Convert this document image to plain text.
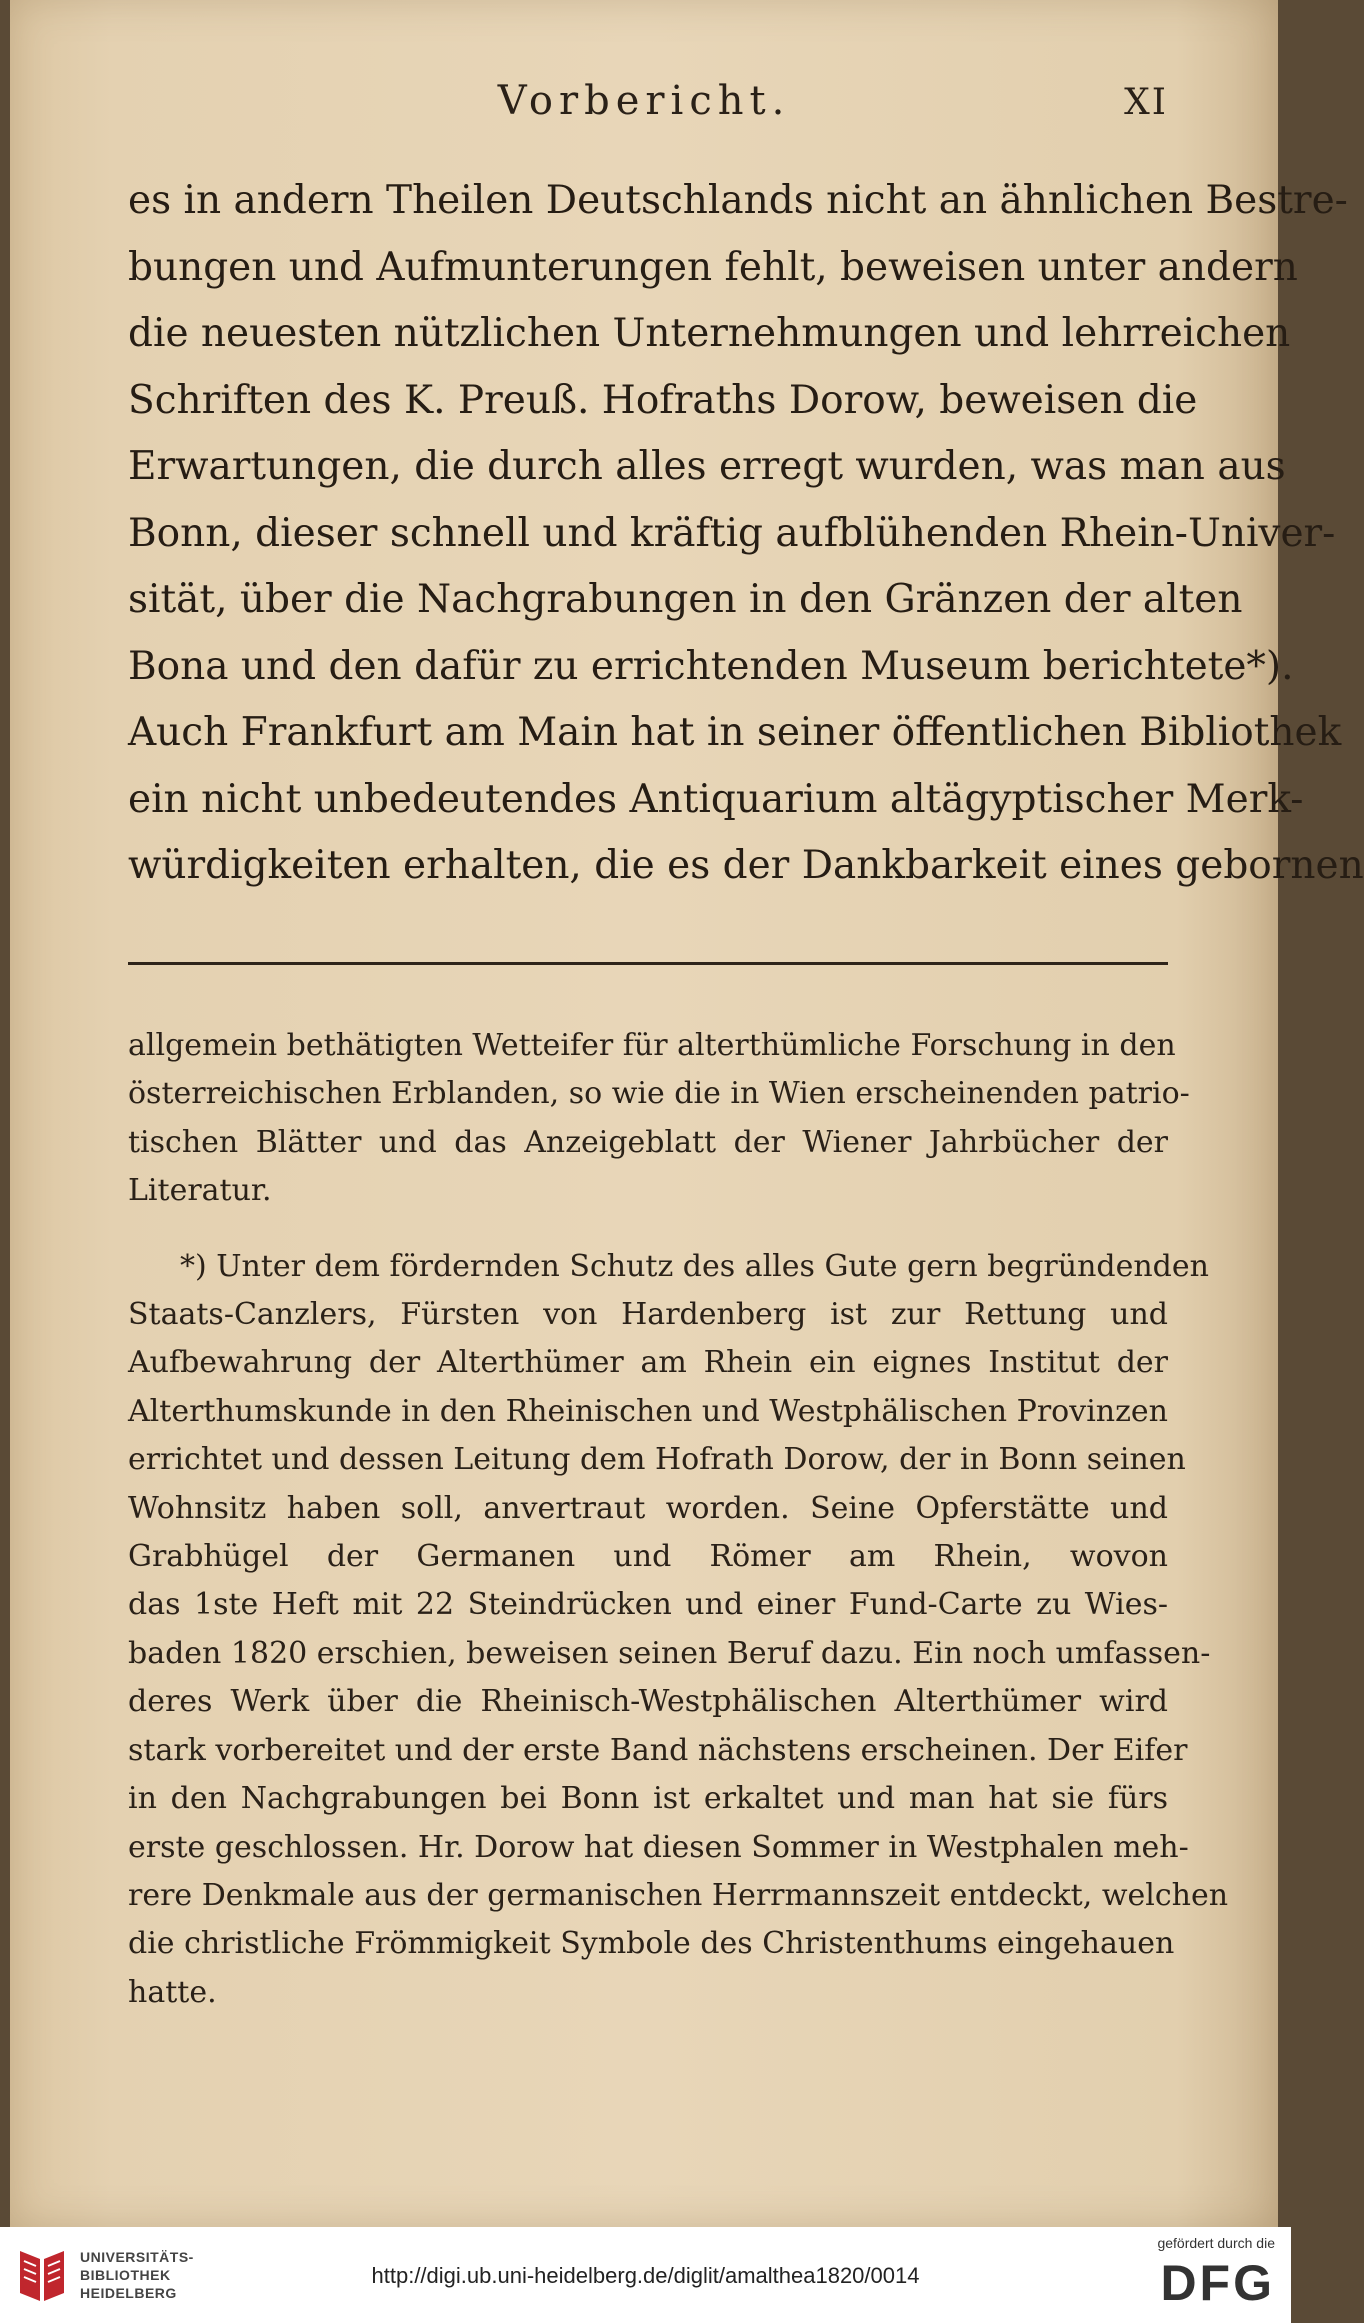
Vorbericht.	XI
es in andern Theilen Deutschlands nicht an ähnlichen Bestre-
bungen und Aufmunterungen fehlt, beweisen unter andern
die neuesten nützlichen Unternehmungen und lehrreichen
Schriften des K. Preuß. Hofraths Dorow, beweisen die
Erwartungen, die durch alles erregt wurden, was man aus
Bonn, dieser schnell und kräftig aufblühenden Rhein-Univer-
sität, über die Nachgrabungen in den Gränzen der alten
Bona und den dafür zu errichtenden Museum berichtete*).
Auch Frankfurt am Main hat in seiner öffentlichen Bibliothek
ein nicht unbedeutendes Antiquarium altägyptischer Merk-
würdigkeiten erhalten, die es der Dankbarkeit eines gebornen
allgemein bethätigten Wetteifer für alterthümliche Forschung in den
österreichischen Erblanden, so wie die in Wien erscheinenden patrio-
tischen Blätter und das Anzeigeblatt der Wiener Jahrbücher der
Literatur.
*) Unter dem fördernden Schutz des alles Gute gern begründenden
Staats-Canzlers, Fürsten von Hardenberg ist zur Rettung und
Aufbewahrung der Alterthümer am Rhein ein eignes Institut der
Alterthumskunde in den Rheinischen und Westphälischen Provinzen
errichtet und dessen Leitung dem Hofrath Dorow, der in Bonn seinen
Wohnsitz haben soll, anvertraut worden. Seine Opferstätte und
Grabhügel der Germanen und Römer am Rhein, wovon
das 1ste Heft mit 22 Steindrücken und einer Fund-Carte zu Wies-
baden 1820 erschien, beweisen seinen Beruf dazu. Ein noch umfassen-
deres Werk über die Rheinisch-Westphälischen Alterthümer wird
stark vorbereitet und der erste Band nächstens erscheinen. Der Eifer
in den Nachgrabungen bei Bonn ist erkaltet und man hat sie fürs
erste geschlossen. Hr. Dorow hat diesen Sommer in Westphalen meh-
rere Denkmale aus der germanischen Herrmannszeit entdeckt, welchen
die christliche Frömmigkeit Symbole des Christenthums eingehauen
hatte.
UNIVERSITÄTS-
BIBLIOTHEK
HEIDELBERG
http://digi.ub.uni-heidelberg.de/diglit/amalthea1820/0014
gefördert durch die
DFG
